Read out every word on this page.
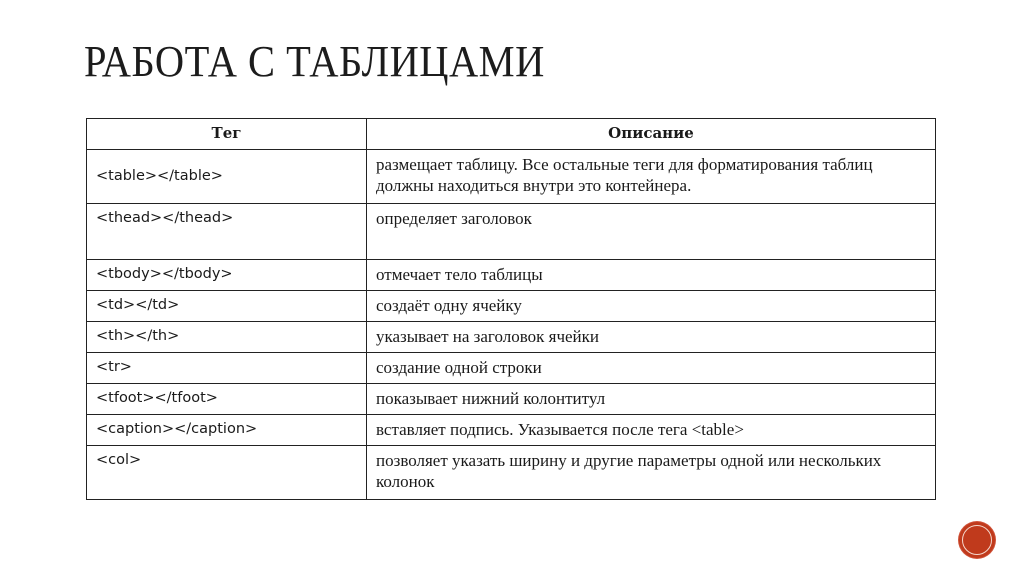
РАБОТА С ТАБЛИЦАМИ
Тег	Описание
<table></table>	размещает таблицу. Все остальные теги для форматирования таблиц должны находиться внутри это контейнера.
<thead></thead>	определяет заголовок
<tbody></tbody>	отмечает тело таблицы
<td></td>	создаёт одну ячейку
<th></th>	указывает на заголовок ячейки
<tr>	создание одной строки
<tfoot></tfoot>	показывает нижний колонтитул
<caption></caption>	вставляет подпись. Указывается после тега <table>
<col>	позволяет указать ширину и другие параметры одной или нескольких колонок
